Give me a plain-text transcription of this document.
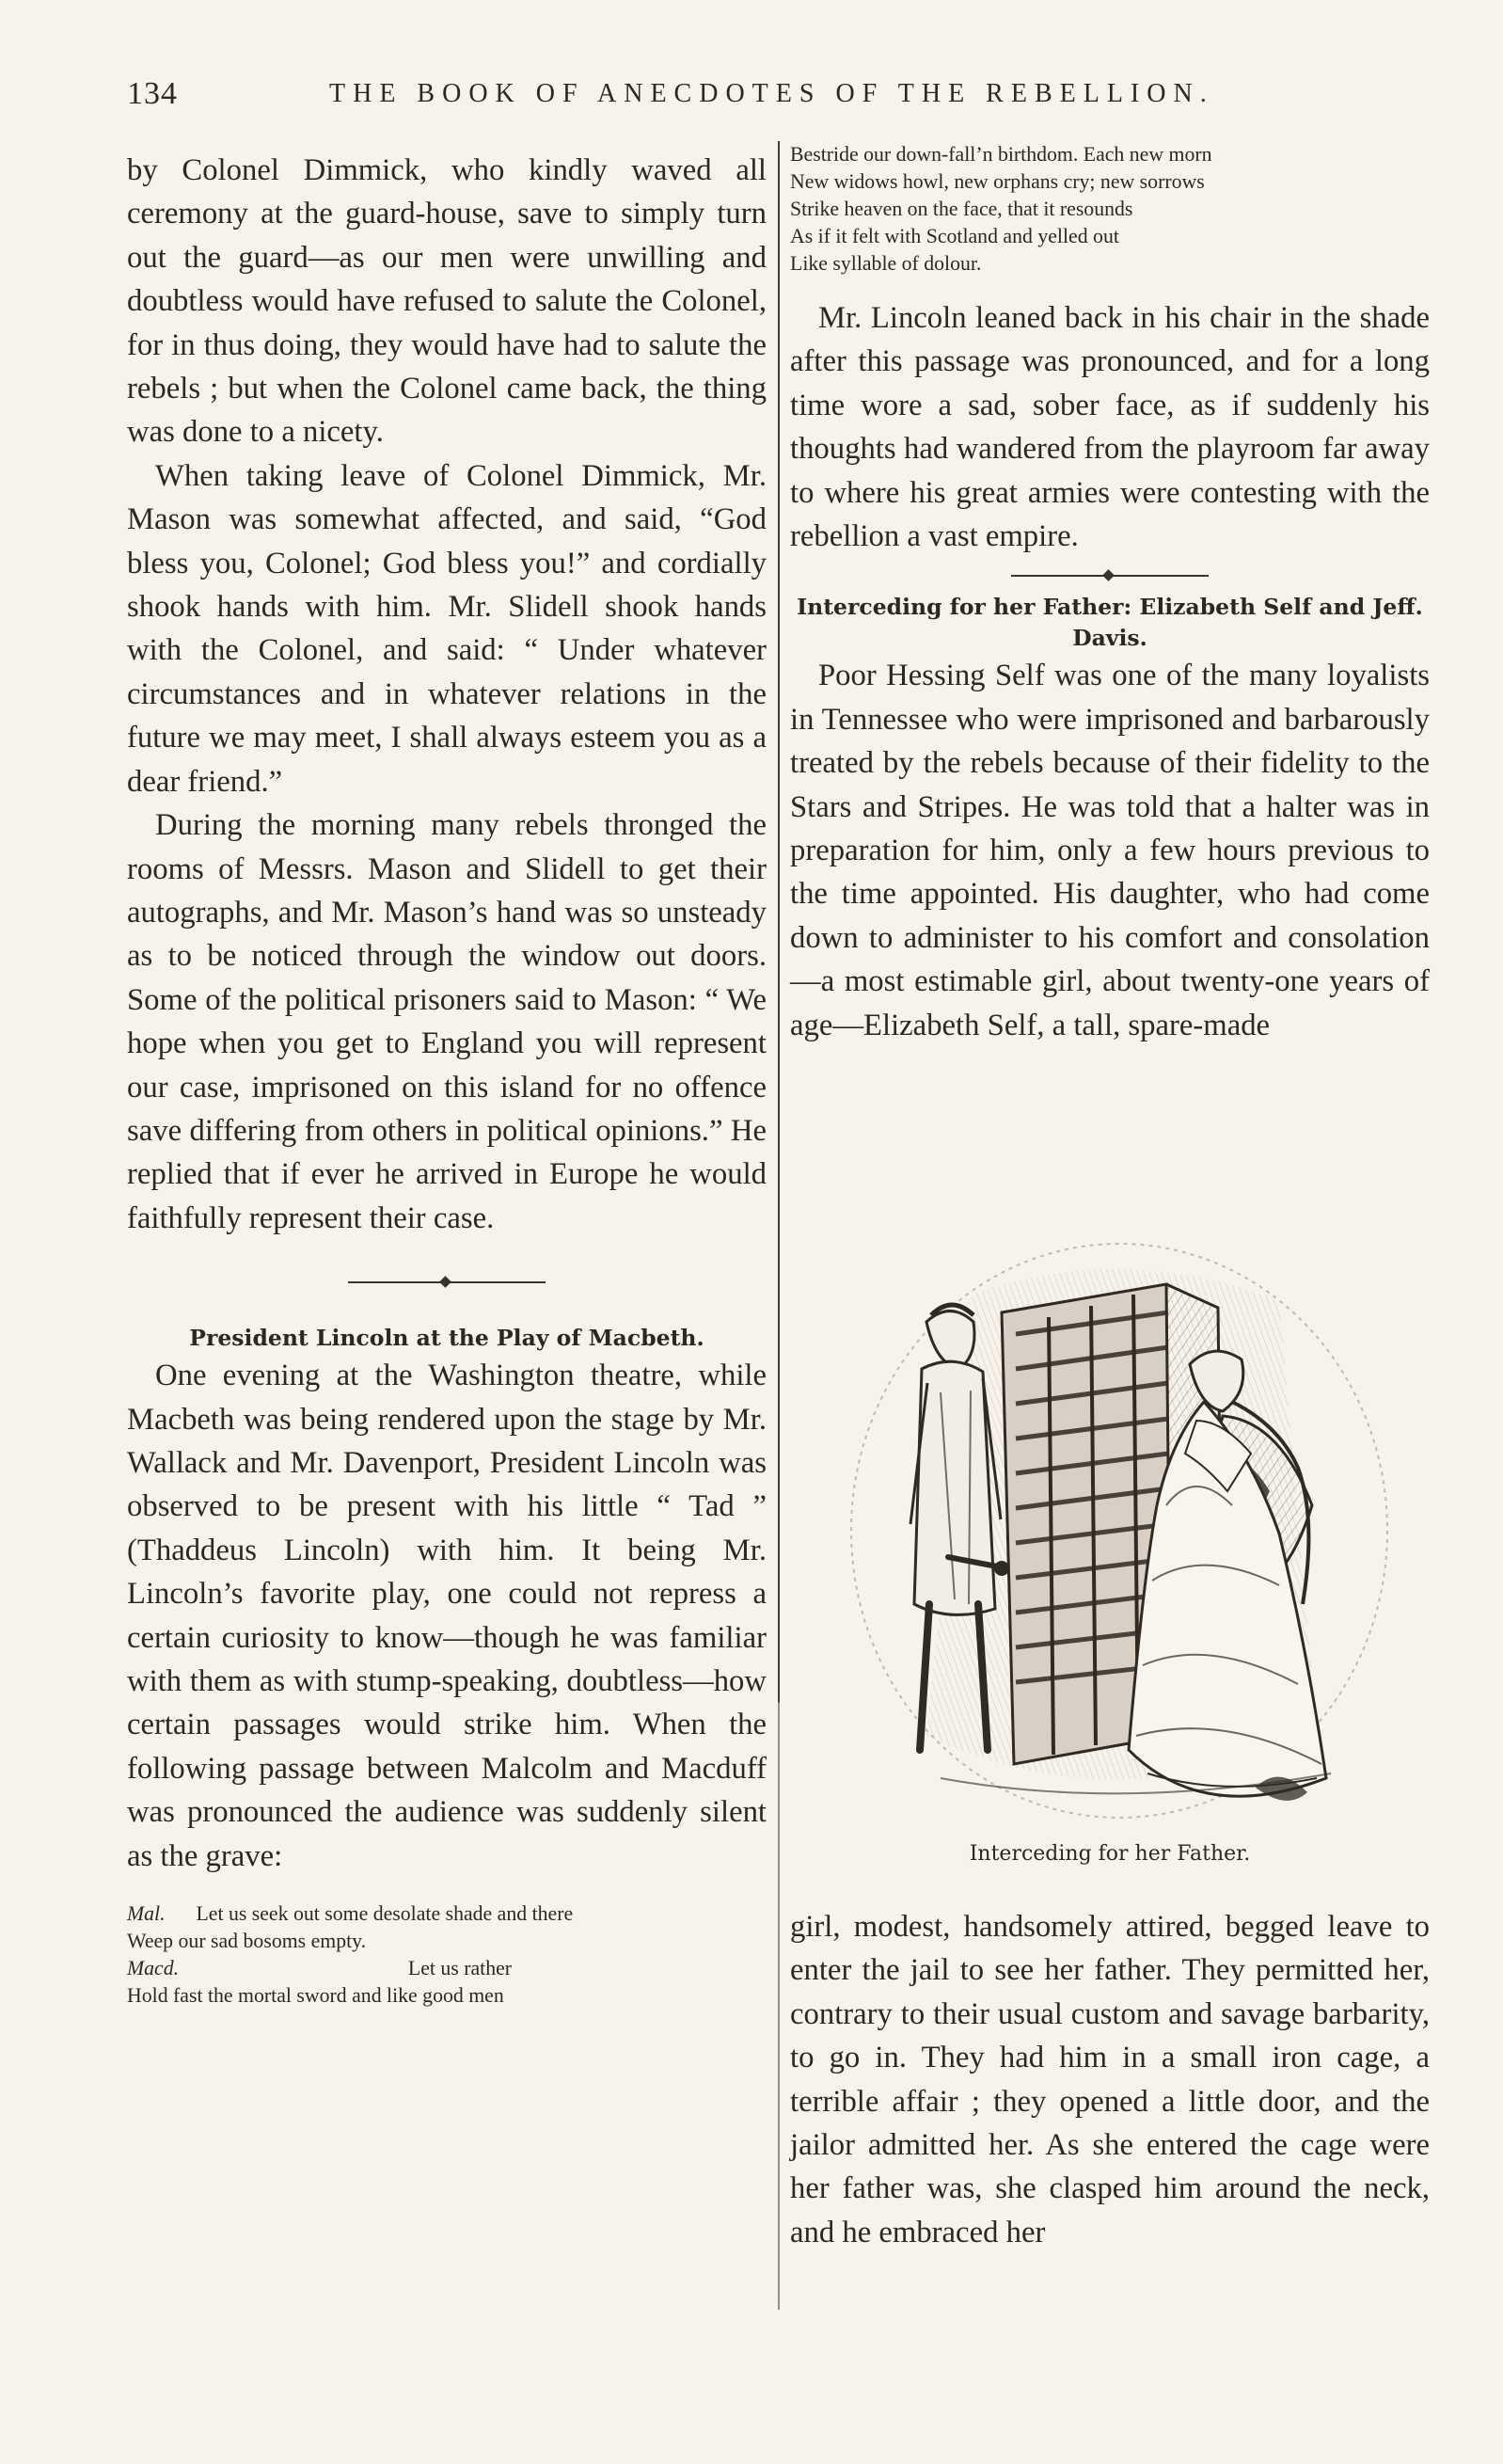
134	THE BOOK OF ANECDOTES OF THE REBELLION.

by Colonel Dimmick, who kindly waved all ceremony at the guard-house, save to simply turn out the guard—as our men were unwilling and doubtless would have refused to salute the Colonel, for in thus doing, they would have had to salute the rebels ; but when the Colonel came back, the thing was done to a nicety.

When taking leave of Colonel Dimmick, Mr. Mason was somewhat affected, and said, “God bless you, Colonel; God bless you!” and cordially shook hands with him. Mr. Slidell shook hands with the Colonel, and said: “ Under whatever circumstances and in whatever relations in the future we may meet, I shall always esteem you as a dear friend.”

During the morning many rebels thronged the rooms of Messrs. Mason and Slidell to get their autographs, and Mr. Mason’s hand was so unsteady as to be noticed through the window out doors. Some of the political prisoners said to Mason: “ We hope when you get to England you will represent our case, imprisoned on this island for no offence save differing from others in political opinions.” He replied that if ever he arrived in Europe he would faithfully represent their case.

President Lincoln at the Play of Macbeth.

One evening at the Washington theatre, while Macbeth was being rendered upon the stage by Mr. Wallack and Mr. Davenport, President Lincoln was observed to be present with his little “ Tad ” (Thaddeus Lincoln) with him. It being Mr. Lincoln’s favorite play, one could not repress a certain curiosity to know—though he was familiar with them as with stump-speaking, doubtless—how certain passages would strike him. When the following passage between Malcolm and Macduff was pronounced the audience was suddenly silent as the grave:

Mal. Let us seek out some desolate shade and there
Weep our sad bosoms empty.
Macd.	Let us rather
Hold fast the mortal sword and like good men
Bestride our down-fall’n birthdom. Each new morn
New widows howl, new orphans cry; new sorrows
Strike heaven on the face, that it resounds
As if it felt with Scotland and yelled out
Like syllable of dolour.

Mr. Lincoln leaned back in his chair in the shade after this passage was pronounced, and for a long time wore a sad, sober face, as if suddenly his thoughts had wandered from the playroom far away to where his great armies were contesting with the rebellion a vast empire.

Interceding for her Father: Elizabeth Self and Jeff. Davis.

Poor Hessing Self was one of the many loyalists in Tennessee who were imprisoned and barbarously treated by the rebels because of their fidelity to the Stars and Stripes. He was told that a halter was in preparation for him, only a few hours previous to the time appointed. His daughter, who had come down to administer to his comfort and consolation—a most estimable girl, about twenty-one years of age—Elizabeth Self, a tall, spare-made

Interceding for her Father.

girl, modest, handsomely attired, begged leave to enter the jail to see her father. They permitted her, contrary to their usual custom and savage barbarity, to go in. They had him in a small iron cage, a terrible affair ; they opened a little door, and the jailor admitted her. As she entered the cage were her father was, she clasped him around the neck, and he embraced her
